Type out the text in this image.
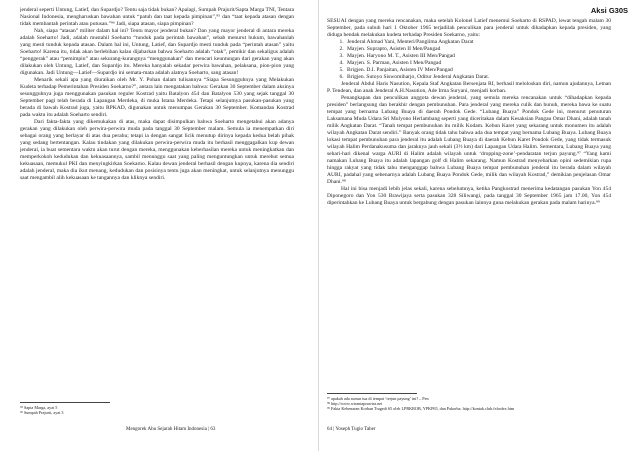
jenderal seperti Untung, Latief, dan Supardjo? Tentu saja tidak bukan? Apalagi, Sumpah Prajurit/Sapta Marga TNI, Tentara Nasional Indonesia, mengharuskan bawahan untuk “patuh dan taat kepada pimpinan”,⁹⁵ dan “taat kepada atasan dengan tidak membantah perintah atau putusan.”⁹⁶ Jadi, siapa atasan, siapa pimpinan?

Nah, siapa “atasan” militer dalam hal ini? Tentu mayor jenderal bukan? Dan yang mayor jenderal di antara mereka adalah Soeharto! Jadi, adalah mustahil Soeharto “tunduk pada perintah bawahan”, sebab menurut hukum, bawahanlah yang mesti tunduk kepada atasan. Dalam hal ini, Untung, Latief, dan Supardjo mesti tunduk pada “perintah atasan” yaitu Soeharto! Karena itu, tidak akan berlebihan kalau dijabarkan bahwa Soeharto adalah “otak”, pemikir dan sekaligus adalah “penggerak” atau “pemimpin” atau sekurang-kurangnya “menggunakan” dan mencari keuntungan dari gerakan yang akan dilakukan oleh Untung, Latief, dan Supardjo itu. Mereka hanyalah sekadar perwira bawahan, pelaksana, pion-pion yang digunakan. Jadi Untung—Latief—Supardjo ini semata-mata adalah alatnya Soeharto, sang atasan!

Menarik sekali apa yang diuraikan oleh Mr. Y. Pohan dalam tulisannya “Siapa Sesungguhnya yang Melakukan Kudeta terhadap Pemerintahan Presiden Soekarno?”, antara lain mengatakan bahwa: Gerakan 30 September dalam aksinya sesungguhnya juga menggunakan pasukan reguler Kostrad yaitu Batalyon 454 dan Batalyon 530 yang sejak tanggal 30 September pagi telah berada di Lapangan Merdeka, di muka Istana Merdeka. Tetapi selanjutnya pasukan-pasukan yang berada di bawah Kostrad juga, yaitu RPKAD, digunakan untuk menumpas Gerakan 30 September. Komandan Kostrad pada waktu itu adalah Soeharto sendiri.

Dari fakta-fakta yang dikemukakan di atas, maka dapat disimpulkan bahwa Soeharto mengetahui akan adanya gerakan yang dilakukan oleh perwira-perwira muda pada tanggal 30 September malam. Semula ia menempatkan diri sebagai orang yang berlayar di atas dua perahu; tetapi ia dengan sangat licik menutup dirinya kepada kedua belah pihak yang sedang bertentangan. Kalau tindakan yang dilakukan perwira-perwira muda itu berhasil menggagalkan kup dewan jenderal, ia buat sementara waktu akan turut dengan mereka, menggunakan keberhasilan mereka untuk meningkatkan dan memperkokoh kedudukan dan kekuasaannya, sambil menunggu saat yang paling menguntungkan untuk merebut semua kekuasaan, memukul PKI dan menyingkirkan Soekarno. Kalau dewan jenderal berhasil dengan kupnya, karena dia sendiri adalah jenderal, maka dia ikut menang, kedudukan dan posisinya tentu juga akan meningkat, untuk selanjutnya menunggu saat mengambil alih kekuasaan ke tangannya dan kliknya sendiri.

⁹⁵ Sapta Marga, ayat 5
⁹⁶ Sumpah Prajurit, ayat 3
Mengorek Abu Sejarah Hitam Indonesia | 63
Aksi G30S

SESUAI dengan yang mereka rencanakan, maka setelah Kolonel Latief menemui Soeharto di RSPAD, lewat tengah malam 30 September, pada subuh hari 1 Oktober 1965 terjadilah penculikan para jenderal untuk dihadapkan kepada presiden, yang diduga hendak melakukan kudeta terhadap Presiden Soekarno, yaitu:

1. Jenderal Ahmad Yani, Menteri/Panglima Angkatan Darat
2. Mayjen. Suprapto, Asisten II Men/Pangad
3. Mayjen. Haryono M. T., Asisten III Men/Pangad
4. Mayjen. S. Parman, Asisten I Men/Pangad
5. Brigjen. D.I. Panjaitan, Asisten IV Men/Pangad
6. Brigjen. Sutoyo Siswomiharjo, Oditur Jenderal Angkatan Darat.

Jenderal Abdul Haris Nasution, Kepala Staf Angkatan Bersenjata RI, berhasil meloloskan diri, namun ajudannya, Letnan P. Tendean, dan anak Jenderal A.H.Nasution, Ade Irma Suryani, menjadi korban.

Penangkapan dan penculikan anggota dewan jenderal, yang semula mereka rencanakan untuk “dihadapkan kepada presiden” berlangsung dan berakhir dengan pembunuhan. Para jenderal yang mereka culik dan bunuh, mereka bawa ke suatu tempat yang bernama Lubang Buaya di daerah Pondok Gede. “Lubang Buaya” Pondok Gede ini, menurut penuturan Laksamana Muda Udara Sri Mulyono Herlambang seperti yang diceritakan dalam Kesaksian Pangau Omar Dhani, adalah tanah milik Angkatan Darat. “Tanah tempat pembunuhan itu milik Kodam. Kebun Karet yang sekarang untuk monumen itu adalah wilayah Angkatan Darat sendiri.” Banyak orang tidak tahu bahwa ada dua tempat yang bernama Lubang Buaya. Lubang Buaya lokasi tempat pembunuhan para jenderal itu adalah Lubang Buaya di daerah Kebun Karet Pondok Gede, yang tidak termasuk wilayah Halim Perdanakusuma dan jaraknya jauh sekali (3½ km) dari Lapangan Udara Halim. Sementara, Lubang Buaya yang sehari-hari dikenal warga AURI di Halim adalah wilayah untuk ‘dropping-zone’-pendaratan terjun payung.⁹⁷ “Yang kami namakan Lubang Buaya itu adalah lapangan golf di Halim sekarang. Namun Kostrad menyebarkan opini sedemikian rupa hingga rakyat yang tidak tahu menganggap bahwa Lubang Buaya tempat pembunuhan jenderal itu berada dalam wilayah AURI, padahal yang sebenarnya adalah Lubang Buaya Pondok Gede, milik dan wilayah Kostrad,” demikian penjelasan Omar Dhani.⁹⁸

Hal ini bisa menjadi lebih jelas sekali, karena sebelumnya, ketika Pangkostrad menerima kedatangan pasukan Yon 454 Diponegoro dan Yon 530 Brawijaya serta pasukan 328 Siliwangi, pada tanggal 30 September 1965 jam 17.00, Yon 454 diperintahkan ke Lubang Buaya untuk bergabung dengan pasukan lainnya guna melakukan gerakan pada malam harinya.⁹⁹

⁹⁷ apakah ada sumur tua di tempat ‘terjun payung’ ini? – Pen
⁹⁸ http://www.wirantaprawira.net
⁹⁹ Fakta Kebenaran Korban Tragedi 65 oleh LPRKROB, YPKP65, dan Pakorba. http://kontak.club.fr/index.htm
64 | Yoseph Tugio Taher
